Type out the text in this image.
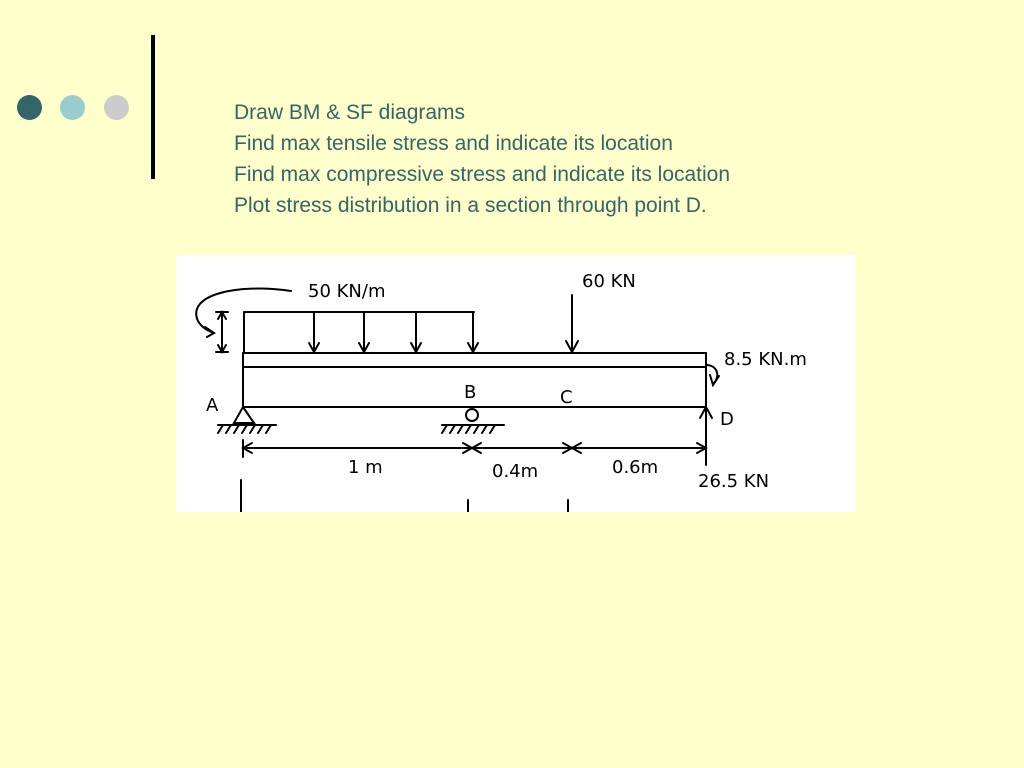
Draw BM & SF diagrams
Find max tensile stress and indicate its location
Find max compressive stress and indicate its location
Plot stress distribution in a section through point D.
50 KN/m	60 KN
8.5 KN.m
26.5 KN
A
B	C
D
1 m	0.4m	0.6m
